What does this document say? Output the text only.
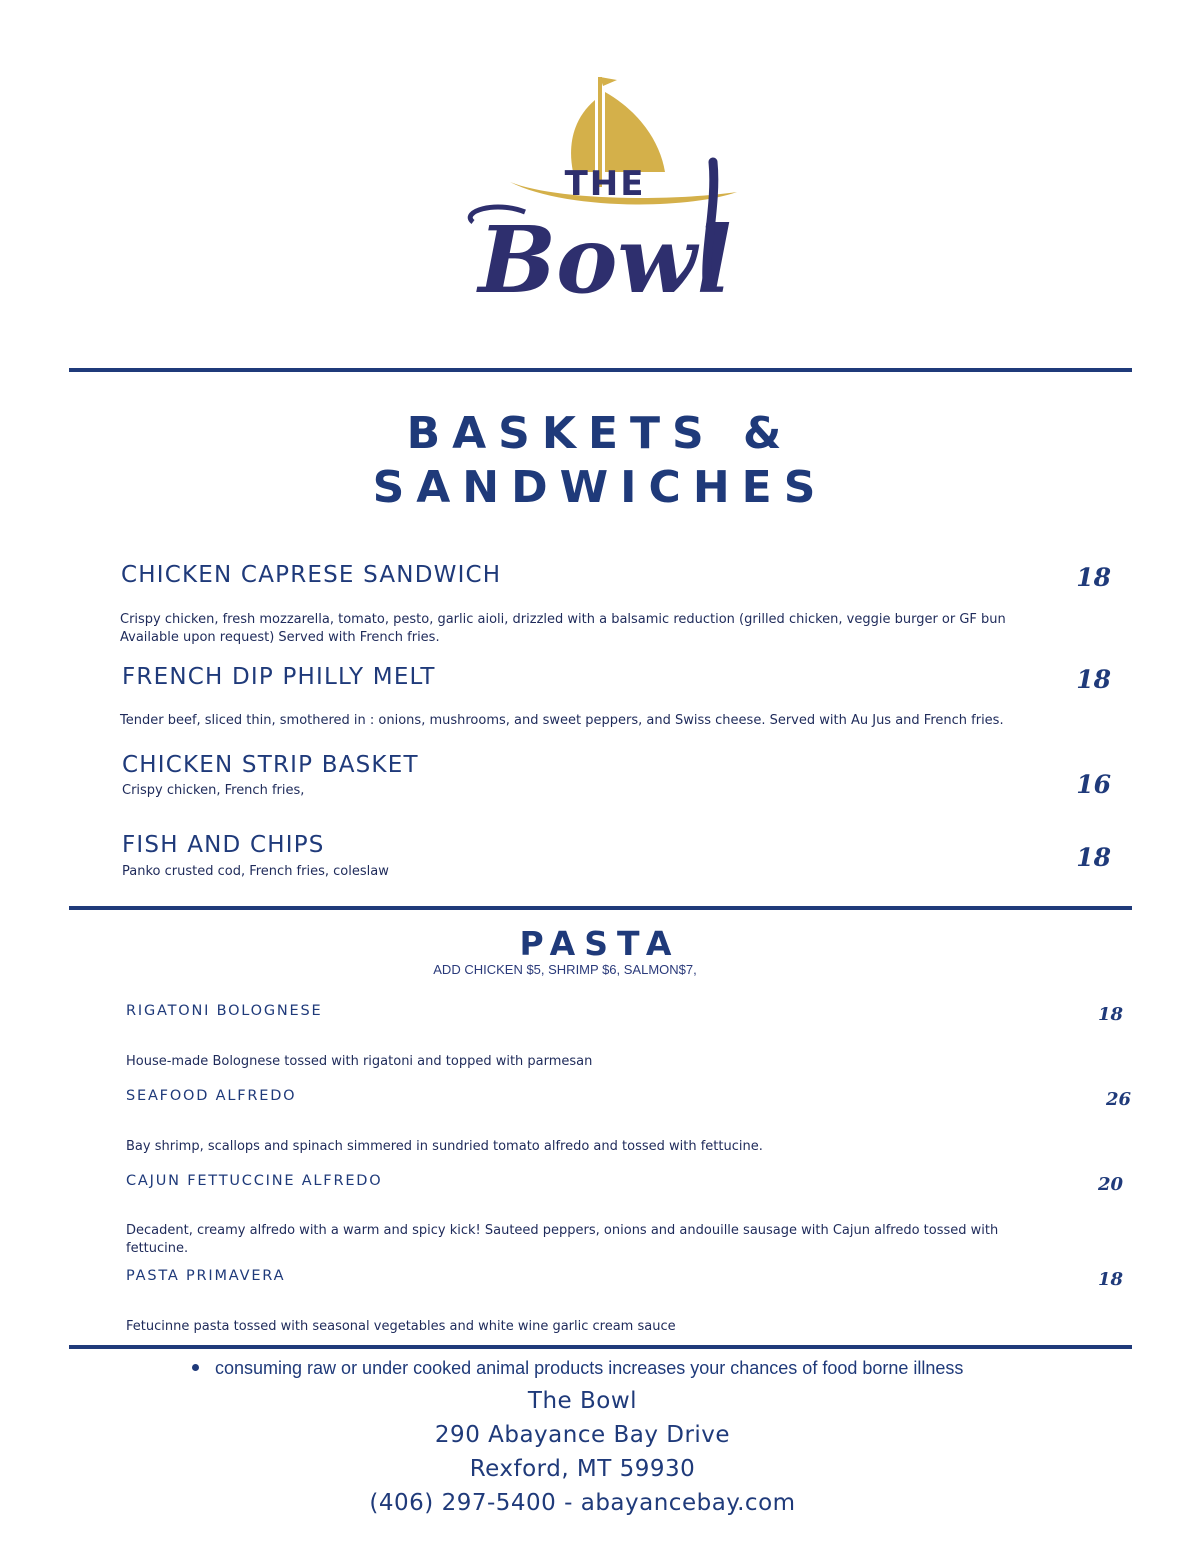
THE
Bowl
BASKETS &
SANDWICHES
CHICKEN CAPRESE SANDWICH	18
Crispy chicken, fresh mozzarella, tomato, pesto, garlic aioli, drizzled with a balsamic reduction (grilled chicken, veggie burger or GF bun
Available upon request) Served with French fries.
FRENCH DIP PHILLY MELT	18
Tender beef, sliced thin, smothered in : onions, mushrooms, and sweet peppers, and Swiss cheese. Served with Au Jus and French fries.
CHICKEN STRIP BASKET
16
Crispy chicken, French fries,
FISH AND CHIPS	18
Panko crusted cod, French fries, coleslaw
PASTA
ADD CHICKEN $5, SHRIMP $6, SALMON$7,
RIGATONI BOLOGNESE	18
House-made Bolognese tossed with rigatoni and topped with parmesan
SEAFOOD ALFREDO	26
Bay shrimp, scallops and spinach simmered in sundried tomato alfredo and tossed with fettucine.
CAJUN FETTUCCINE ALFREDO	20
Decadent, creamy alfredo with a warm and spicy kick! Sauteed peppers, onions and andouille sausage with Cajun alfredo tossed with
fettucine.
PASTA PRIMAVERA	18
Fetucinne pasta tossed with seasonal vegetables and white wine garlic cream sauce
consuming raw or under cooked animal products increases your chances of food borne illness
The Bowl
290 Abayance Bay Drive
Rexford, MT 59930
(406) 297-5400 - abayancebay.com
